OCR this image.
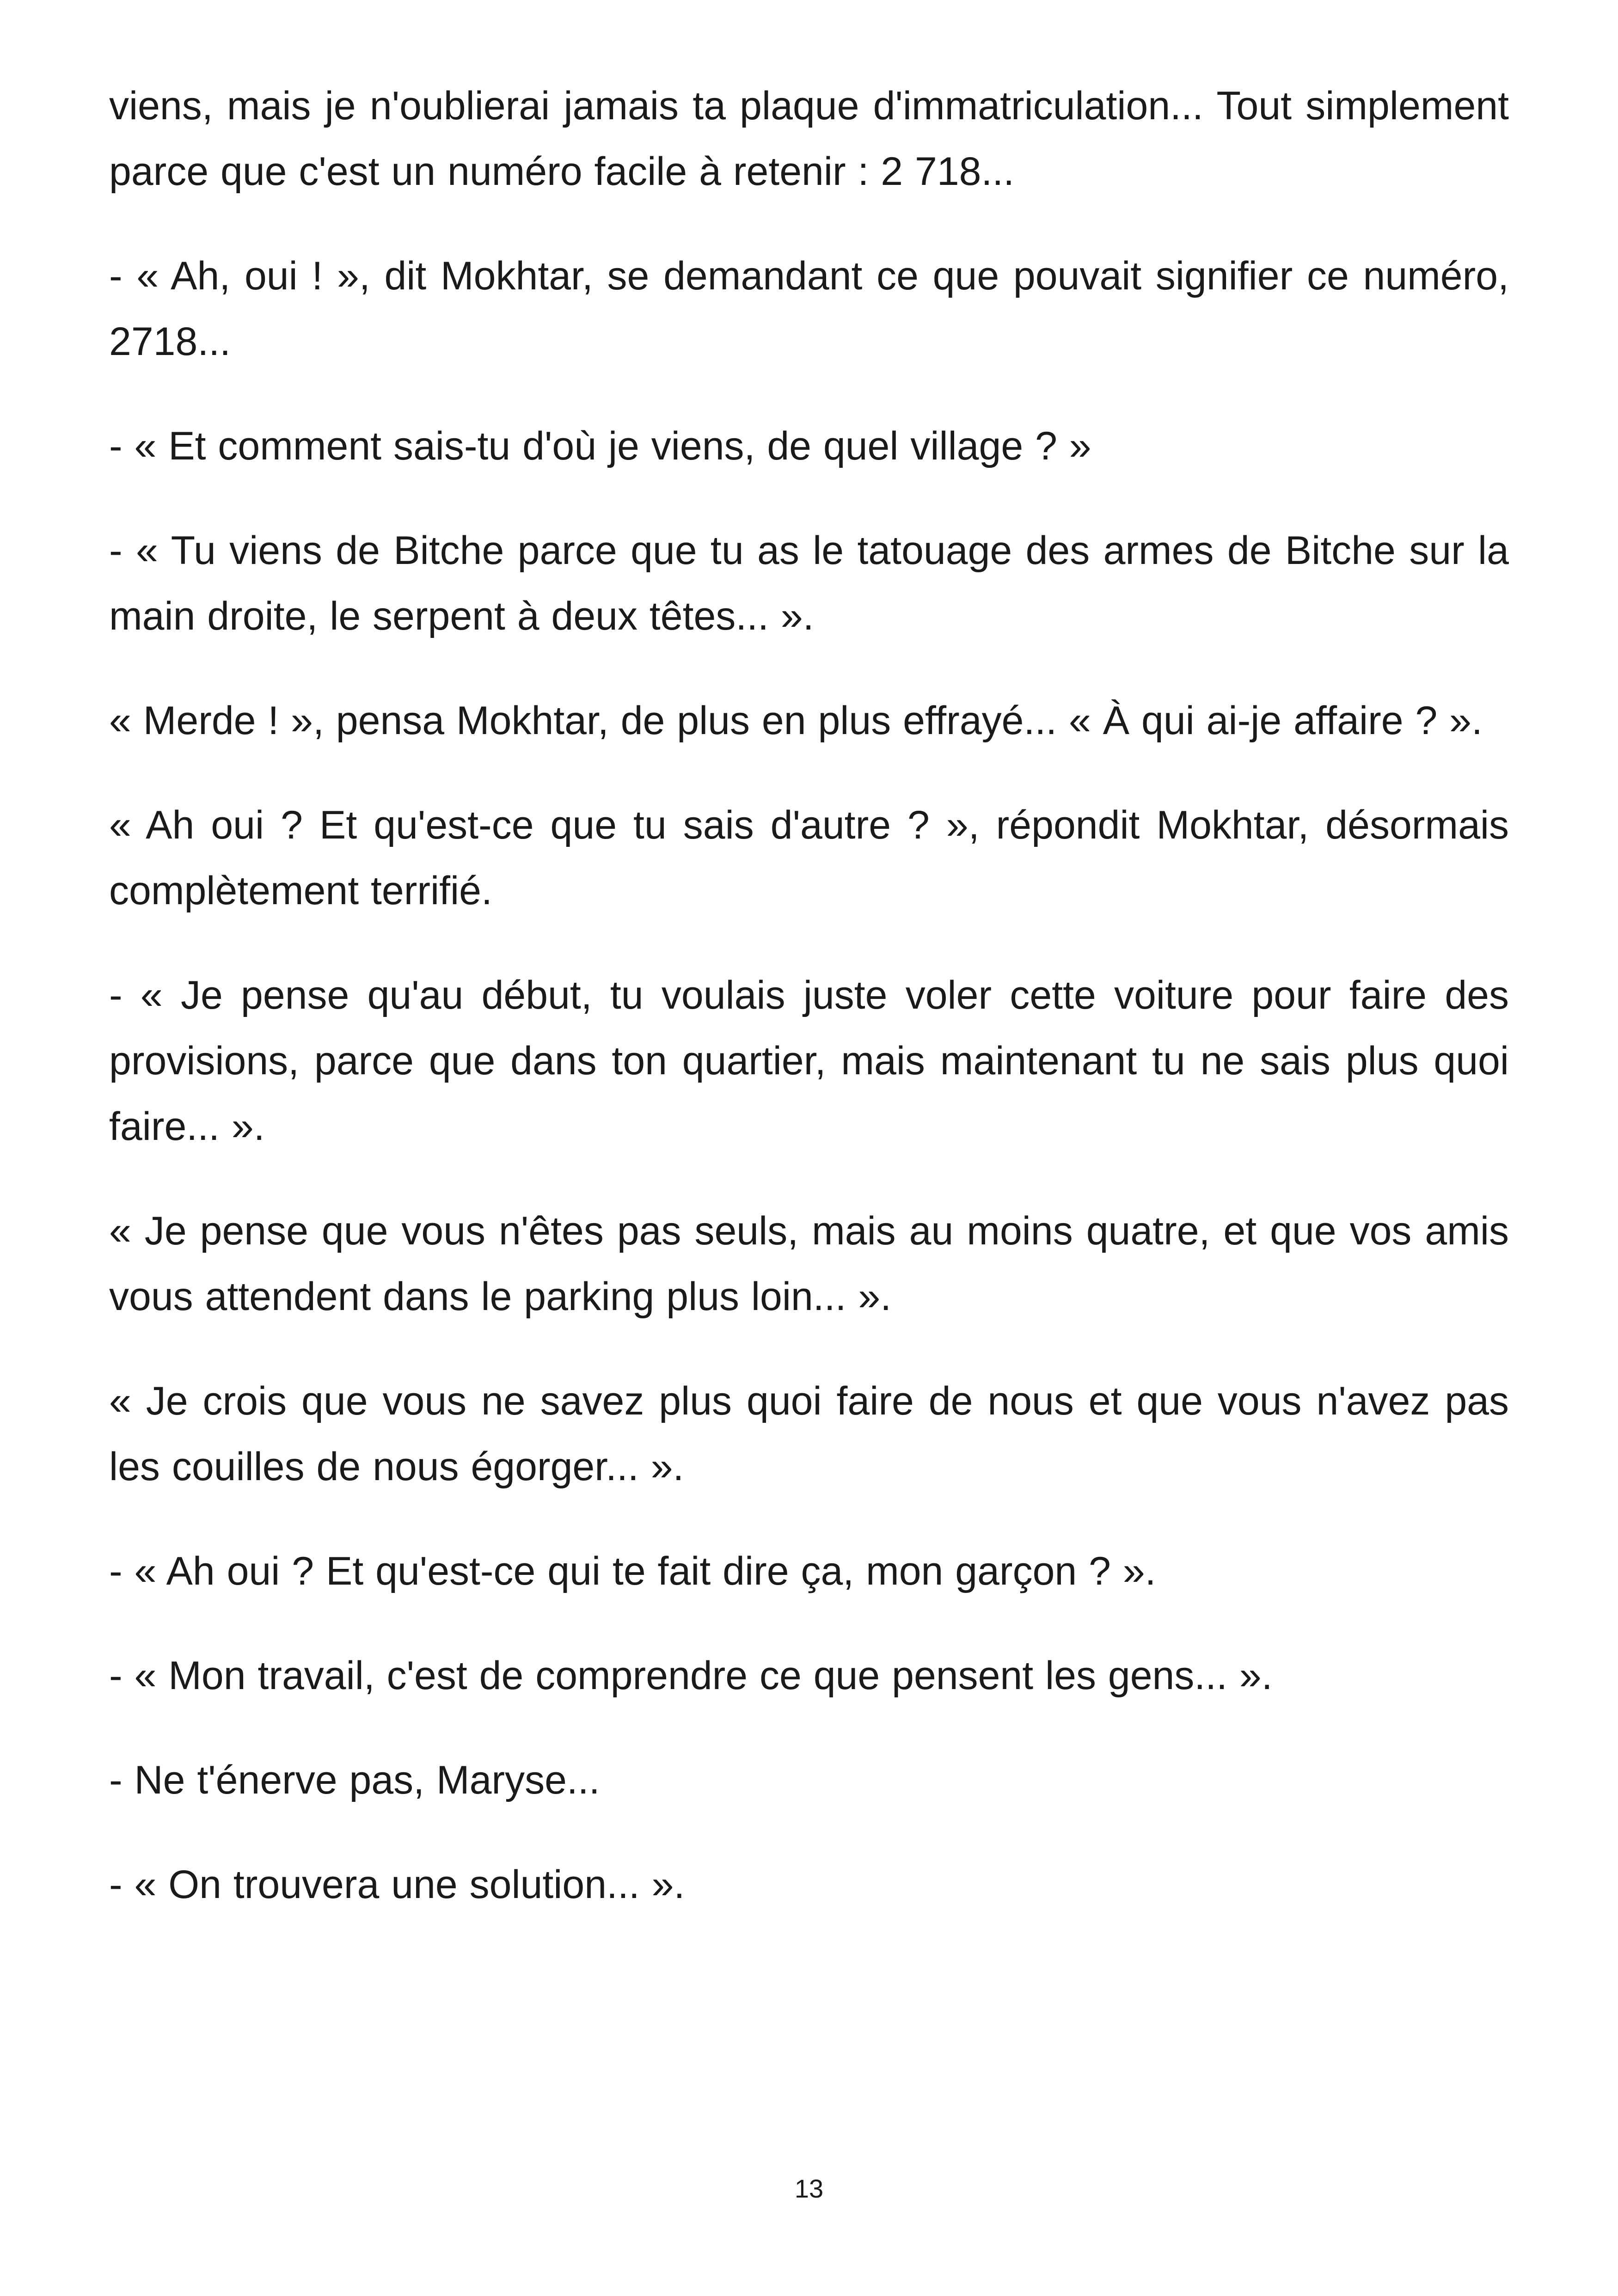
viens, mais je n'oublierai jamais ta plaque d'immatriculation... Tout simplement parce que c'est un numéro facile à retenir : 2 718...

- « Ah, oui ! », dit Mokhtar, se demandant ce que pouvait signifier ce numéro, 2718...

- « Et comment sais-tu d'où je viens, de quel village ? »

- « Tu viens de Bitche parce que tu as le tatouage des armes de Bitche sur la main droite, le serpent à deux têtes... ».

« Merde ! », pensa Mokhtar, de plus en plus effrayé... « À qui ai-je affaire ? ».

« Ah oui ? Et qu'est-ce que tu sais d'autre ? », répondit Mokhtar, désormais complètement terrifié.

- « Je pense qu'au début, tu voulais juste voler cette voiture pour faire des provisions, parce que dans ton quartier, mais maintenant tu ne sais plus quoi faire... ».

« Je pense que vous n'êtes pas seuls, mais au moins quatre, et que vos amis vous attendent dans le parking plus loin... ».

« Je crois que vous ne savez plus quoi faire de nous et que vous n'avez pas les couilles de nous égorger... ».

- « Ah oui ? Et qu'est-ce qui te fait dire ça, mon garçon ? ».

- « Mon travail, c'est de comprendre ce que pensent les gens... ».

- Ne t'énerve pas, Maryse...

- « On trouvera une solution... ».

13
